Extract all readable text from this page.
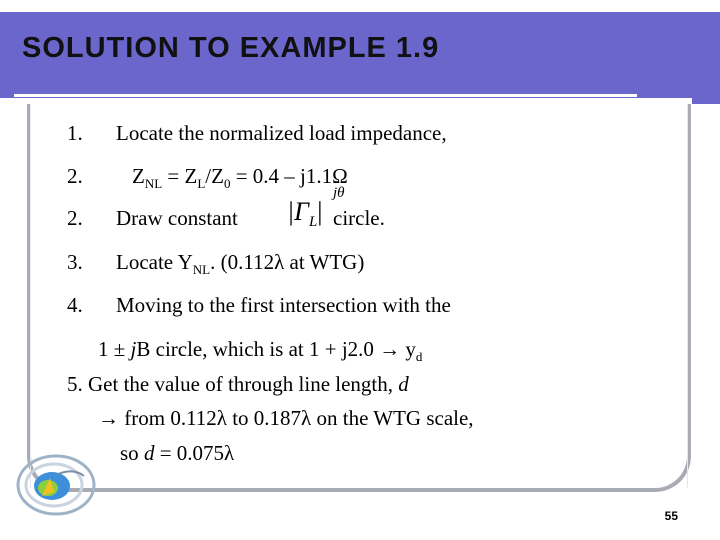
SOLUTION TO EXAMPLE 1.9
1. Locate the normalized load impedance,
2. $Z_{NL} = Z_L/Z_0 = 0.4 - j1.1\Omega$
2. Draw constant	circle.
$|\Gamma_L|$
jθ
3. Locate $Y_{NL}$. (0.112λ at WTG)
4. Moving to the first intersection with the
1 ± jB circle, which is at $1 + j2.0 \to y_d$
5. Get the value of through line length, d
→ from 0.112λ to 0.187λ on the WTG scale,
so d = 0.075λ
55
